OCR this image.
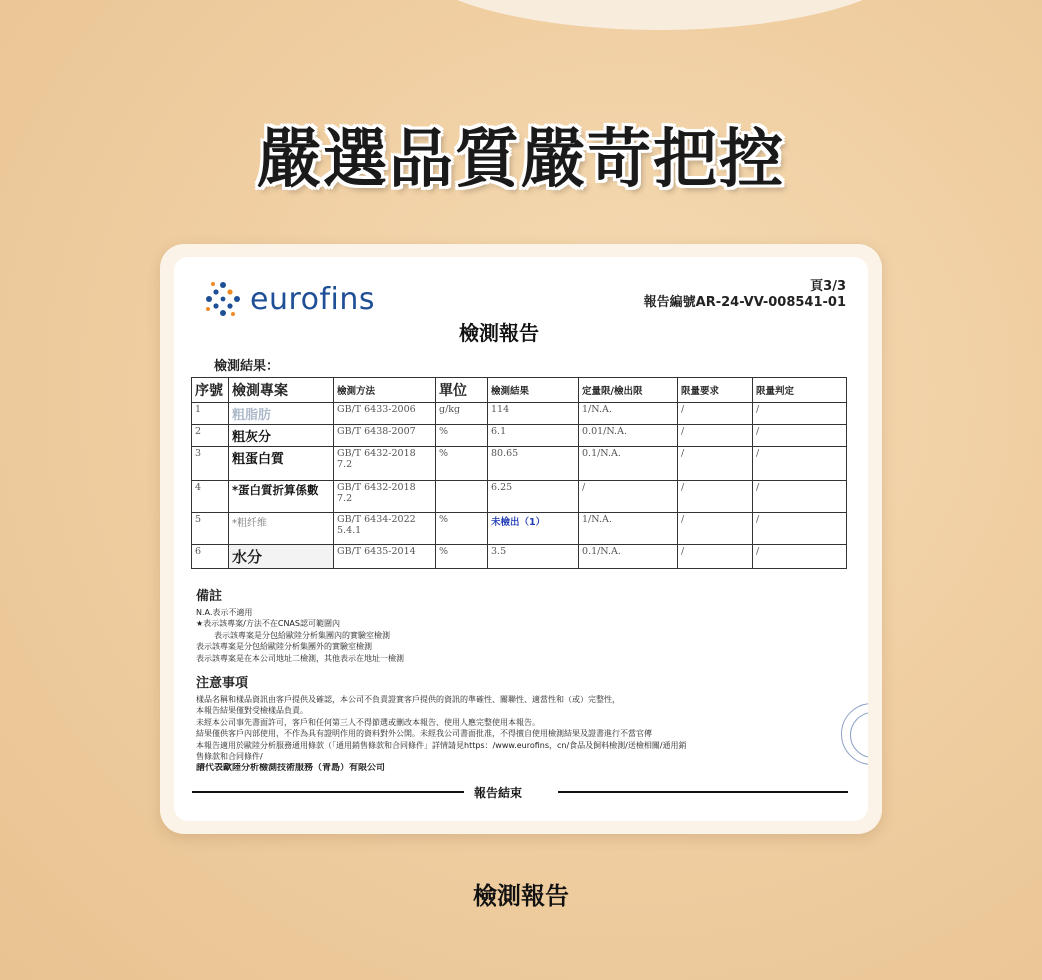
嚴選品質嚴苛把控
eurofins	頁3/3
報告編號AR-24-VV-008541-01
檢測報告
檢測結果：
序號	檢測專案	檢測方法	單位	檢測結果	定量限/檢出限	限量要求	限量判定
1	粗脂肪	GB/T 6433-2006	g/kg	114	1/N.A.	/	/
2	粗灰分	GB/T 6438-2007	%	6.1	0.01/N.A.	/	/
3	粗蛋白質	GB/T 6432-2018 7.2	%	80.65	0.1/N.A.	/	/
4	*蛋白質折算係數	GB/T 6432-2018 7.2		6.25	/	/	/
5	*粗纤维	GB/T 6434-2022 5.4.1	%	未檢出（1）	1/N.A.	/	/
6	水分	GB/T 6435-2014	%	3.5	0.1/N.A.	/	/
備註
N.A.表示不適用
★表示該專案/方法不在CNAS認可範圍內
表示該專案是分包給歐陸分析集團內的實驗室檢測
表示該專案是分包給歐陸分析集團外的實驗室檢測
表示該專案是在本公司地址二檢測，其他表示在地址一檢測
注意事項
樣品名稱和樣品資訊由客戶提供及確認，本公司不負責證實客戶提供的資訊的準確性、關聯性、適當性和（或）完整性，
本報告結果僅對受檢樣品負責。
未經本公司事先書面許可，客戶和任何第三人不得節選或刪改本報告、使用人應完整使用本報告。
結果僅供客戶內部使用，不作為具有證明作用的資料對外公開。未經我公司書面批准，不得擅自使用檢測結果及證書進行不當官傳
本報告適用於歐陸分析服務通用條款（「通用銷售條款和合同條件」詳情請見https：/www.eurofins，cn/食品及飼料檢測/送檢相關/通用銷
售條款和合同條件/
譜代表歐陸分析檢測技術服務（青島）有限公司
報告結束
檢測報告
